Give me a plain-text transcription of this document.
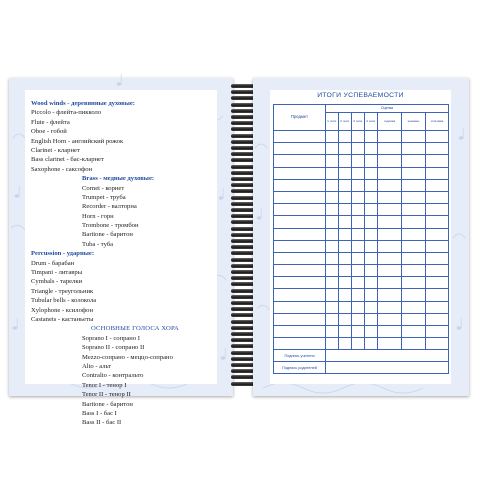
Wood winds - деревянные духовые:
Piccolo - флейта-пикколо
Flute - флейта
Oboe - гобой
English Horn - английский рожок
Clarinet - кларнет
Bass clarinet - бас-кларнет
Saxophone - саксофон
Brass - медные духовые:
Cornet - корнет
Trumpet - труба
Recorder - валторна
Horn - горн
Trombone - тромбон
Baritone - баритон
Tuba - туба
Percussion - ударные:
Drum - барабан
Timpani - литавры
Cymbals - тарелки
Triangle - треугольник
Tubular bells - колокола
Xylophone - ксилофон
Castanets - кастаньеты
ОСНОВНЫЕ ГОЛОСА ХОРА
Soprano I - сопрано I
Soprano II - сопрано II
Mezzo-сопрано - меццо-сопрано
Alto - альт
Contralto - контральто
Tenor I - тенор I
Tenor II - тенор II
Baritone - баритон
Bass I - бас I
Bass II - бас II
ИТОГИ УСПЕВАЕМОСТИ
Предмет	Оценки						
	1 четв.	2 четв.	3 четв.	4 четв.	годовая	экзамен	итоговая

Подпись учителя							
Подпись родителей							
